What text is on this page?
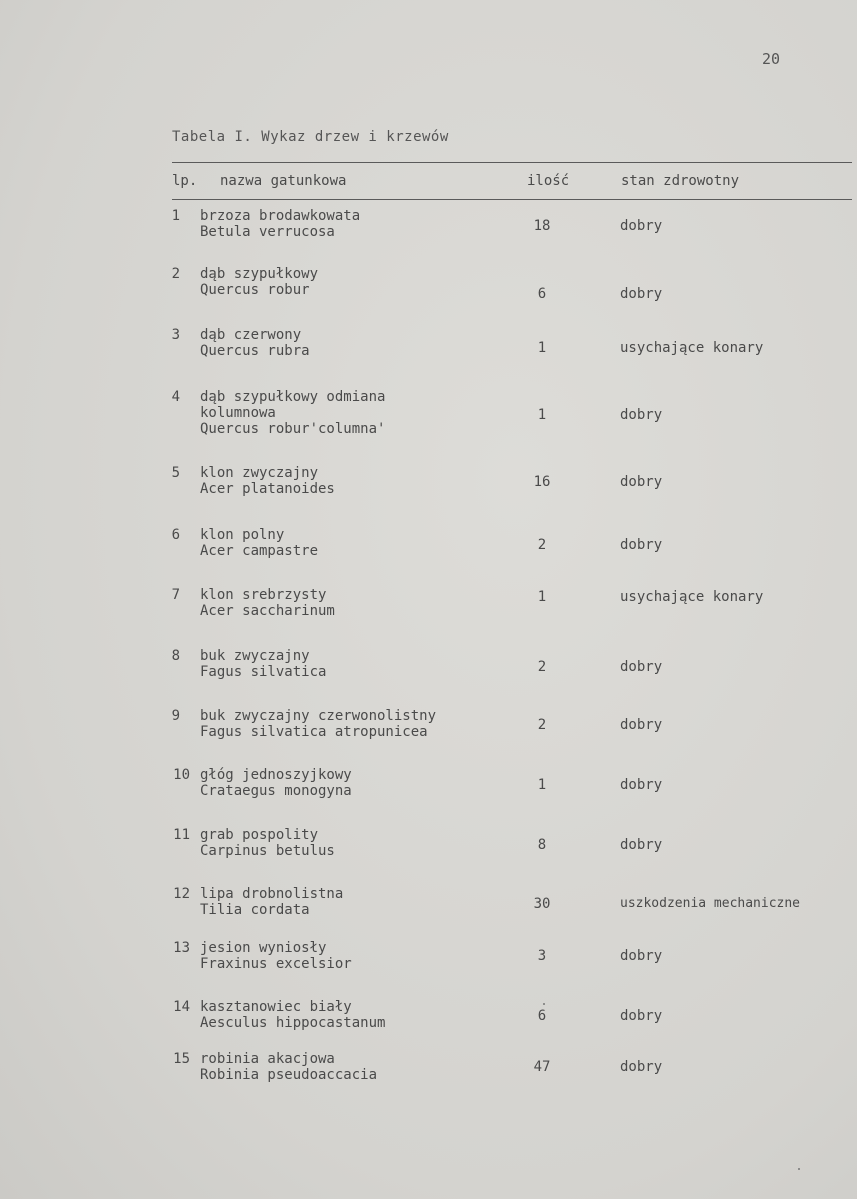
20
Tabela I. Wykaz drzew i krzewów
lp. nazwa gatunkowa	ilość	stan zdrowotny
1 brzoza brodawkowata
Betula verrucosa	18	dobry
2 dąb szypułkowy
Quercus robur	6	dobry
3 dąb czerwony
Quercus rubra	1	usychające konary
4 dąb szypułkowy odmiana
kolumnowa
Quercus robur'columna'
1	dobry
5 klon zwyczajny
Acer platanoides	16	dobry
6 klon polny
Acer campastre	2	dobry
7 klon srebrzysty
Acer saccharinum
1	usychające konary
8 buk zwyczajny
Fagus silvatica	2	dobry
9 buk zwyczajny czerwonolistny
Fagus silvatica atropunicea	2	dobry
10 głóg jednoszyjkowy
Crataegus monogyna	1	dobry
11 grab pospolity
Carpinus betulus	8	dobry
12 lipa drobnolistna
Tilia cordata	30	uszkodzenia mechaniczne
13 jesion wyniosły
Fraxinus excelsior	3	dobry
14 kasztanowiec biały
Aesculus hippocastanum	6	dobry
15 robinia akacjowa
Robinia pseudoaccacia	47	dobry
